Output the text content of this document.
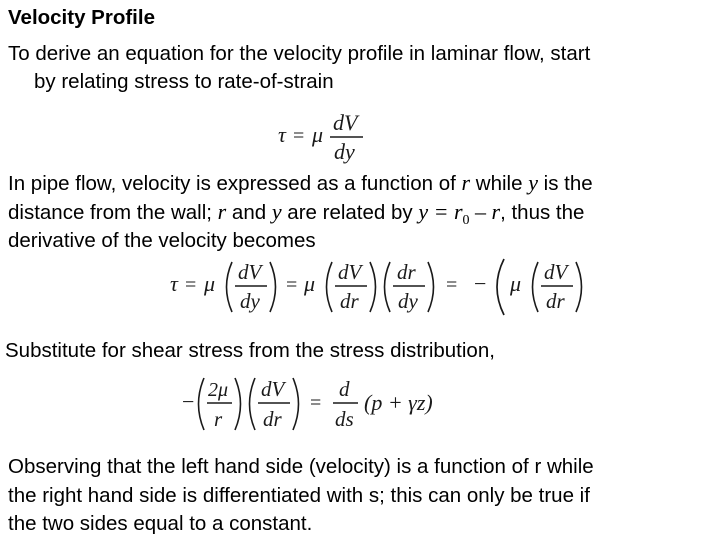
Velocity Profile
To derive an equation for the velocity profile in laminar flow, start
by relating stress to rate-of-strain
τ = μ dV
dy
In pipe flow, velocity is expressed as a function of r while y is the
distance from the wall; r and y are related by $y = r_0 - r$, thus the
derivative of the velocity becomes
τ = μ dV
dy
= μ dV
dr
dr
dy
= − μ dV
dr
Substitute for shear stress from the stress distribution,
− 2μ
r
dV
dr
=
d
ds
(p + γz)
Observing that the left hand side (velocity) is a function of r while
the right hand side is differentiated with s; this can only be true if
the two sides equal to a constant.
